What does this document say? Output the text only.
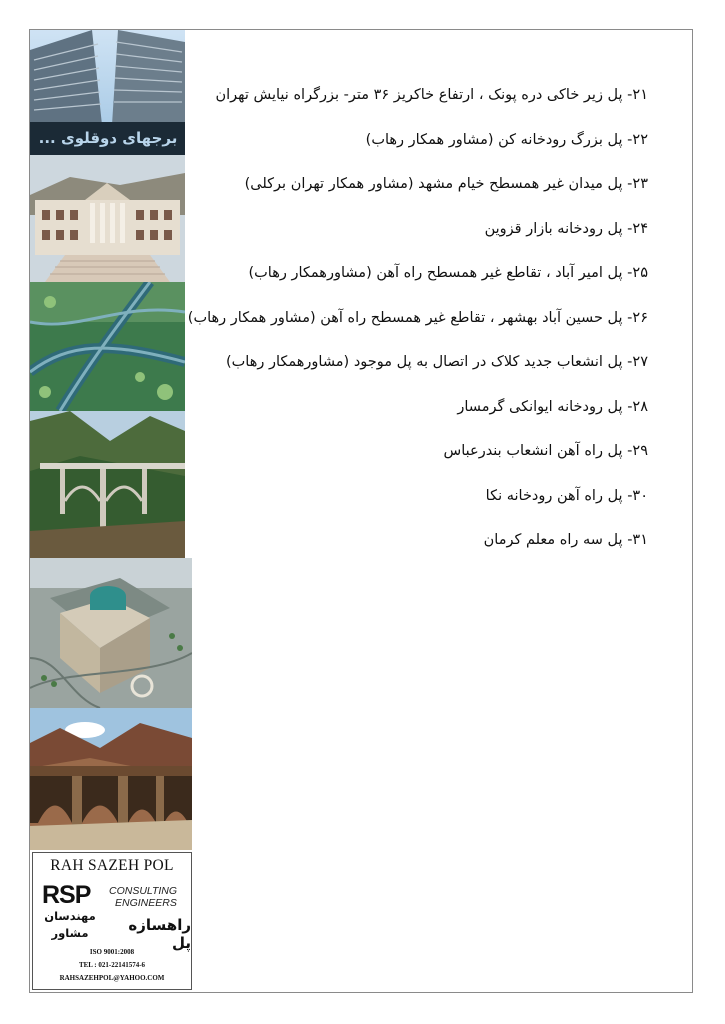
برجهای دوقلوی ...
RAH SAZEH POL
RSP CONSULTING
ENGINEERS
مهندسان
مشاور	راهسازه پل
ISO 9001:2008
TEL : 021-22141574-6
RAHSAZEHPOL@YAHOO.COM
۲۱- پل زیر خاکی دره پونک ، ارتفاع خاکریز ۳۶ متر- بزرگراه نیایش تهران
۲۲- پل بزرگ رودخانه کن (مشاور همکار رهاب)
۲۳- پل میدان غیر همسطح خیام مشهد (مشاور همکار تهران برکلی)
۲۴- پل رودخانه بازار قزوین
۲۵- پل امیر آباد ، تقاطع غیر همسطح راه آهن (مشاورهمکار رهاب)
۲۶- پل حسین آباد بهشهر ، تقاطع غیر همسطح راه آهن (مشاور همکار رهاب)
۲۷- پل انشعاب جدید کلاک در اتصال به پل موجود (مشاورهمکار رهاب)
۲۸- پل رودخانه ایوانکی گرمسار
۲۹- پل راه آهن انشعاب بندرعباس
۳۰- پل راه آهن رودخانه نکا
۳۱- پل سه راه معلم کرمان
